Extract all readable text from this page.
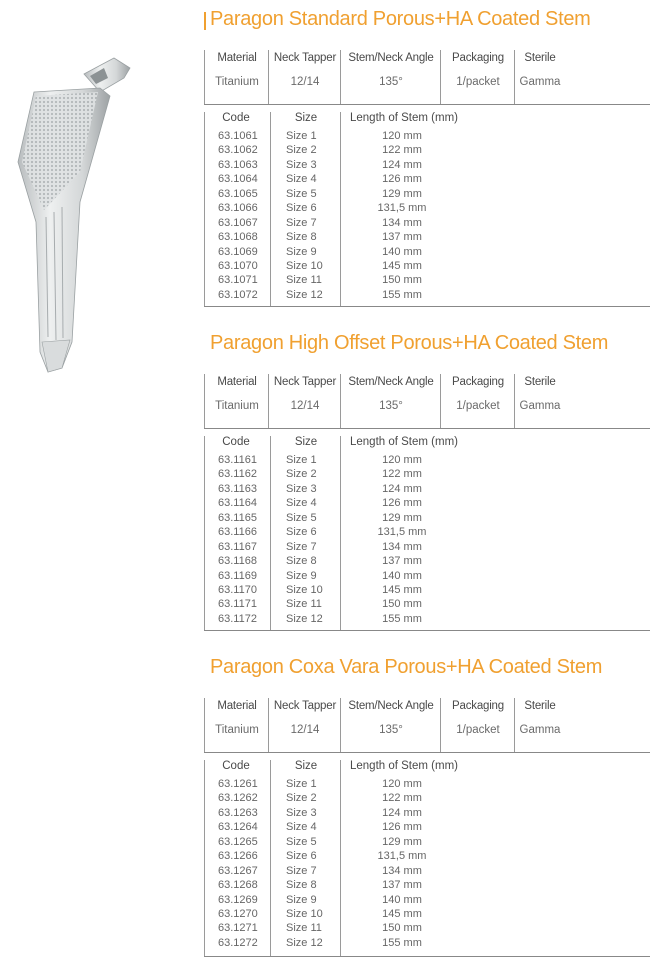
Paragon Standard Porous+HA Coated Stem
Material	Neck Tapper	Stem/Neck Angle	Packaging	Sterile
Titanium	12/14	135°	1/packet	Gamma
Code	Size	Length of Stem (mm)
63.1061	Size 1	120 mm
63.1062	Size 2	122 mm
63.1063	Size 3	124 mm
63.1064	Size 4	126 mm
63.1065	Size 5	129 mm
63.1066	Size 6	131,5 mm
63.1067	Size 7	134 mm
63.1068	Size 8	137 mm
63.1069	Size 9	140 mm
63.1070	Size 10	145 mm
63.1071	Size 11	150 mm
63.1072	Size 12	155 mm
Paragon High Offset Porous+HA Coated Stem
Material	Neck Tapper	Stem/Neck Angle	Packaging	Sterile
Titanium	12/14	135°	1/packet	Gamma
Code	Size	Length of Stem (mm)
63.1161	Size 1	120 mm
63.1162	Size 2	122 mm
63.1163	Size 3	124 mm
63.1164	Size 4	126 mm
63.1165	Size 5	129 mm
63.1166	Size 6	131,5 mm
63.1167	Size 7	134 mm
63.1168	Size 8	137 mm
63.1169	Size 9	140 mm
63.1170	Size 10	145 mm
63.1171	Size 11	150 mm
63.1172	Size 12	155 mm
Paragon Coxa Vara Porous+HA Coated Stem
Material	Neck Tapper	Stem/Neck Angle	Packaging	Sterile
Titanium	12/14	135°	1/packet	Gamma
Code	Size	Length of Stem (mm)
63.1261	Size 1	120 mm
63.1262	Size 2	122 mm
63.1263	Size 3	124 mm
63.1264	Size 4	126 mm
63.1265	Size 5	129 mm
63.1266	Size 6	131,5 mm
63.1267	Size 7	134 mm
63.1268	Size 8	137 mm
63.1269	Size 9	140 mm
63.1270	Size 10	145 mm
63.1271	Size 11	150 mm
63.1272	Size 12	155 mm
